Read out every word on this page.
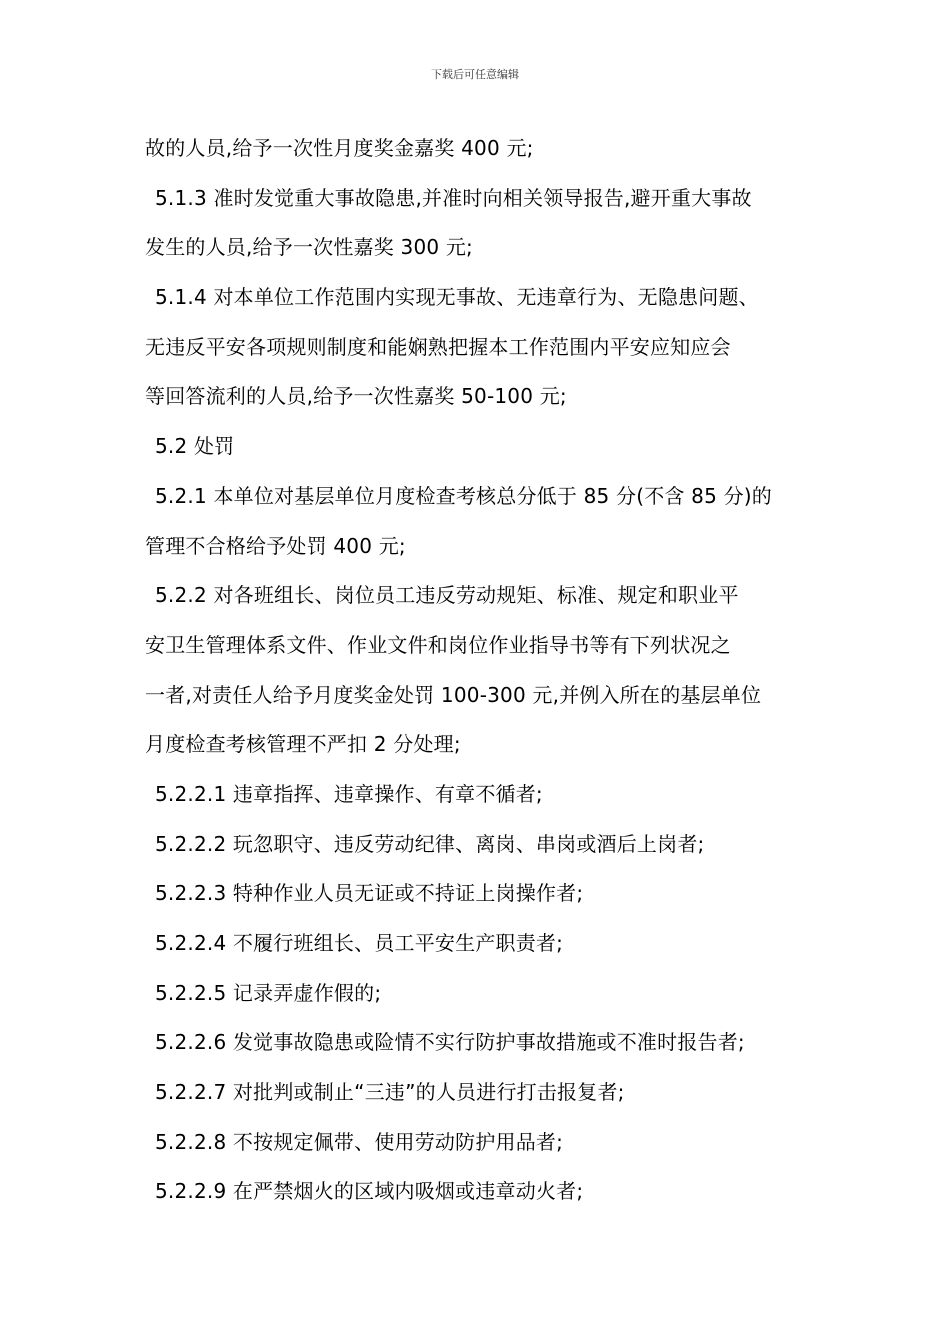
下载后可任意编辑
故的人员,给予一次性月度奖金嘉奖 400 元;
5.1.3 准时发觉重大事故隐患,并准时向相关领导报告,避开重大事故
发生的人员,给予一次性嘉奖 300 元;
5.1.4 对本单位工作范围内实现无事故、无违章行为、无隐患问题、
无违反平安各项规则制度和能娴熟把握本工作范围内平安应知应会
等回答流利的人员,给予一次性嘉奖 50-100 元;
5.2 处罚
5.2.1 本单位对基层单位月度检查考核总分低于 85 分(不含 85 分)的
管理不合格给予处罚 400 元;
5.2.2 对各班组长、岗位员工违反劳动规矩、标准、规定和职业平
安卫生管理体系文件、作业文件和岗位作业指导书等有下列状况之
一者,对责任人给予月度奖金处罚 100-300 元,并例入所在的基层单位
月度检查考核管理不严扣 2 分处理;
5.2.2.1 违章指挥、违章操作、有章不循者;
5.2.2.2 玩忽职守、违反劳动纪律、离岗、串岗或酒后上岗者;
5.2.2.3 特种作业人员无证或不持证上岗操作者;
5.2.2.4 不履行班组长、员工平安生产职责者;
5.2.2.5 记录弄虚作假的;
5.2.2.6 发觉事故隐患或险情不实行防护事故措施或不准时报告者;
5.2.2.7 对批判或制止“三违”的人员进行打击报复者;
5.2.2.8 不按规定佩带、使用劳动防护用品者;
5.2.2.9 在严禁烟火的区域内吸烟或违章动火者;
